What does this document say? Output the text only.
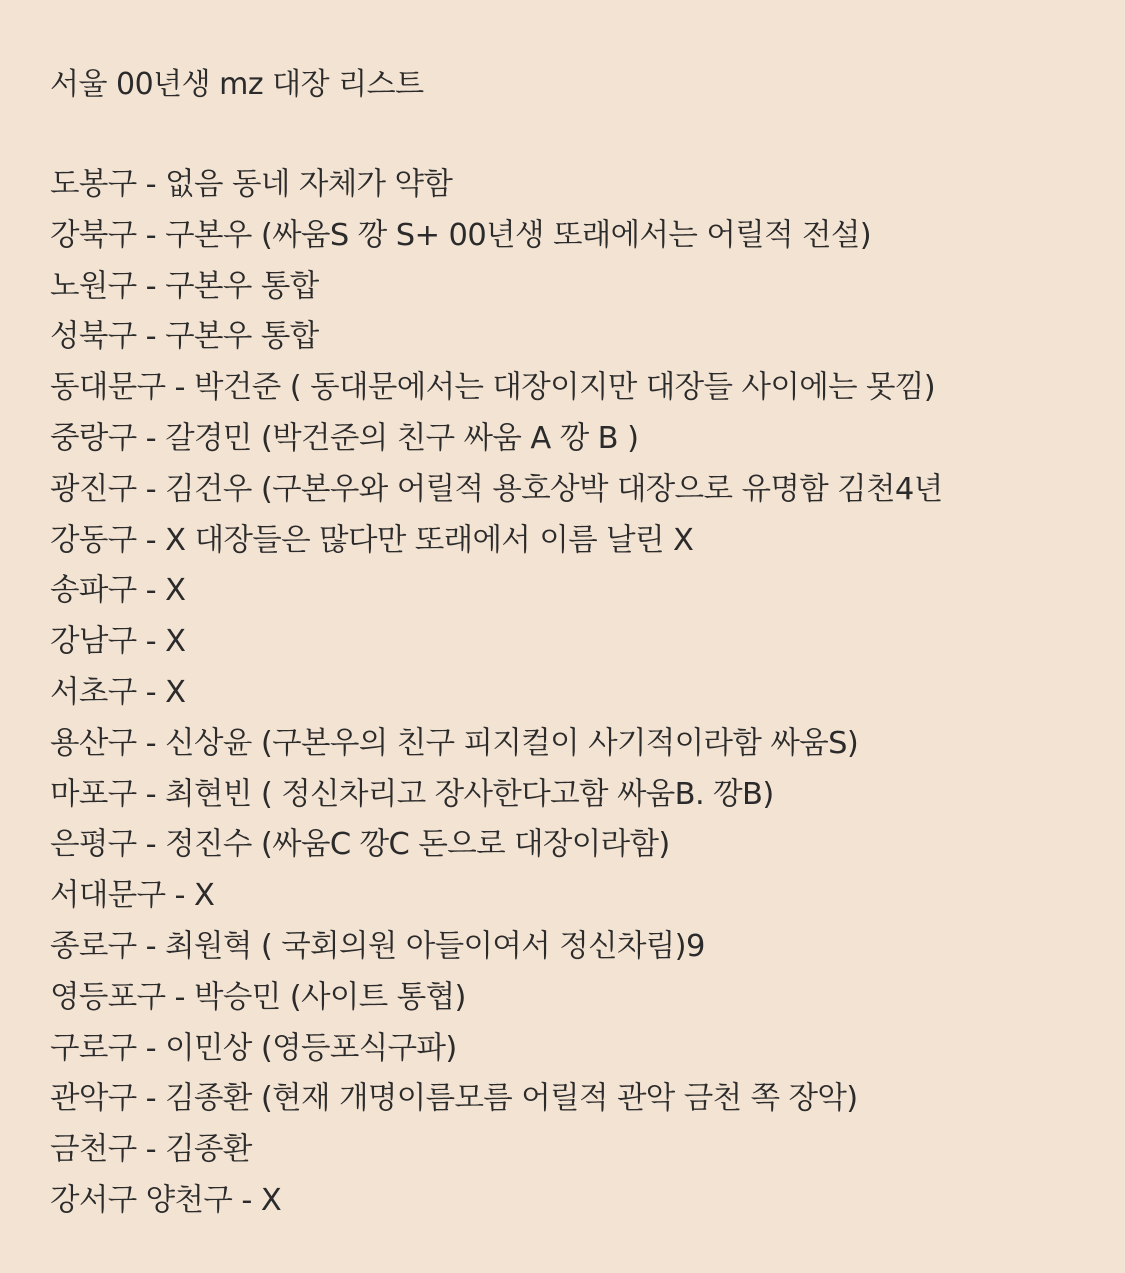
서울 00년생 mz 대장 리스트
도봉구 - 없음 동네 자체가 약함
강북구 - 구본우 (싸움S 깡 S+ 00년생 또래에서는 어릴적 전설)
노원구 - 구본우 통합
성북구 - 구본우 통합
동대문구 - 박건준 ( 동대문에서는 대장이지만 대장들 사이에는 못낌)
중랑구 - 갈경민 (박건준의 친구 싸움 A 깡 B )
광진구 - 김건우 (구본우와 어릴적 용호상박 대장으로 유명함 김천4년
강동구 - X 대장들은 많다만 또래에서 이름 날린 X
송파구 - X
강남구 - X
서초구 - X
용산구 - 신상윤 (구본우의 친구 피지컬이 사기적이라함 싸움S)
마포구 - 최현빈 ( 정신차리고 장사한다고함 싸움B. 깡B)
은평구 - 정진수 (싸움C 깡C 돈으로 대장이라함)
서대문구 - X
종로구 - 최원혁 ( 국회의원 아들이여서 정신차림)9
영등포구 - 박승민 (사이트 통협)
구로구 - 이민상 (영등포식구파)
관악구 - 김종환 (현재 개명이름모름 어릴적 관악 금천 쪽 장악)
금천구 - 김종환
강서구 양천구 - X
